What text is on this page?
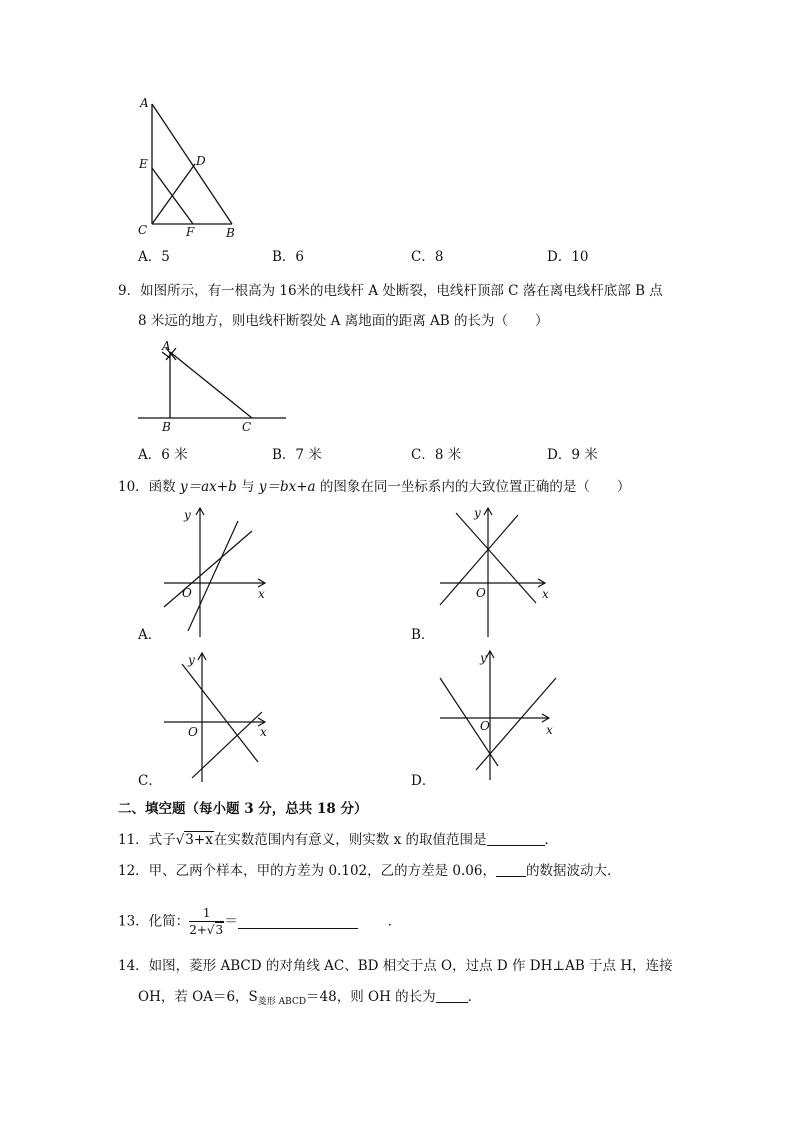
A
E	D
C	F	B
A．5	B．6	C．8	D．10
9．如图所示，有一根高为 16米的电线杆 A 处断裂，电线杆顶部 C 落在离电线杆底部 B 点
8 米远的地方，则电线杆断裂处 A 离地面的距离 AB 的长为（　　）
A
B	C
A．6 米	B．7 米	C．8 米	D．9 米
10．函数 y＝ax+b 与 y＝bx+a 的图象在同一坐标系内的大致位置正确的是（　　）
O	x
y
O	x
y
A．	B．
O	x
y
O	x
y
C．	D．
二、填空题（每小题 3 分，总共 18 分）
11．式子√3+x在实数范围内有意义，则实数 x 的取值范围是	．
12．甲、乙两个样本，甲的方差为 0.102，乙的方差是 0.06， 的数据波动大．
13．化简： $\frac{1}{2+√3}$ ＝	．
14．如图，菱形 ABCD 的对角线 AC、BD 相交于点 O，过点 D 作 DH⊥AB 于点 H，连接
OH，若 OA＝6，$S_{菱形 ABCD}=48$，则 OH 的长为 ．
